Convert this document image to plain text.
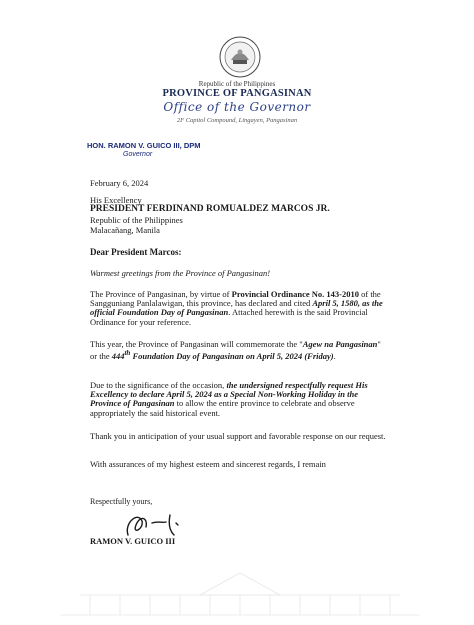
Republic of the Philippines
PROVINCE OF PANGASINAN
Office of the Governor
2F Capitol Compound, Lingayen, Pangasinan
HON. RAMON V. GUICO III, DPM
Governor
February 6, 2024
His Excellency
PRESIDENT FERDINAND ROMUALDEZ MARCOS JR.
Republic of the Philippines
Malacañang, Manila
Dear President Marcos:
Warmest greetings from the Province of Pangasinan!
The Province of Pangasinan, by virtue of Provincial Ordinance No. 143-2010 of the Sangguniang Panlalawigan, this province, has declared and cited April 5, 1580, as the official Foundation Day of Pangasinan. Attached herewith is the said Provincial Ordinance for your reference.
This year, the Province of Pangasinan will commemorate the "Agew na Pangasinan" or the 444th Foundation Day of Pangasinan on April 5, 2024 (Friday).
Due to the significance of the occasion, the undersigned respectfully request His Excellency to declare April 5, 2024 as a Special Non-Working Holiday in the Province of Pangasinan to allow the entire province to celebrate and observe appropriately the said historical event.
Thank you in anticipation of your usual support and favorable response on our request.
With assurances of my highest esteem and sincerest regards, I remain
Respectfully yours,
RAMON V. GUICO III
